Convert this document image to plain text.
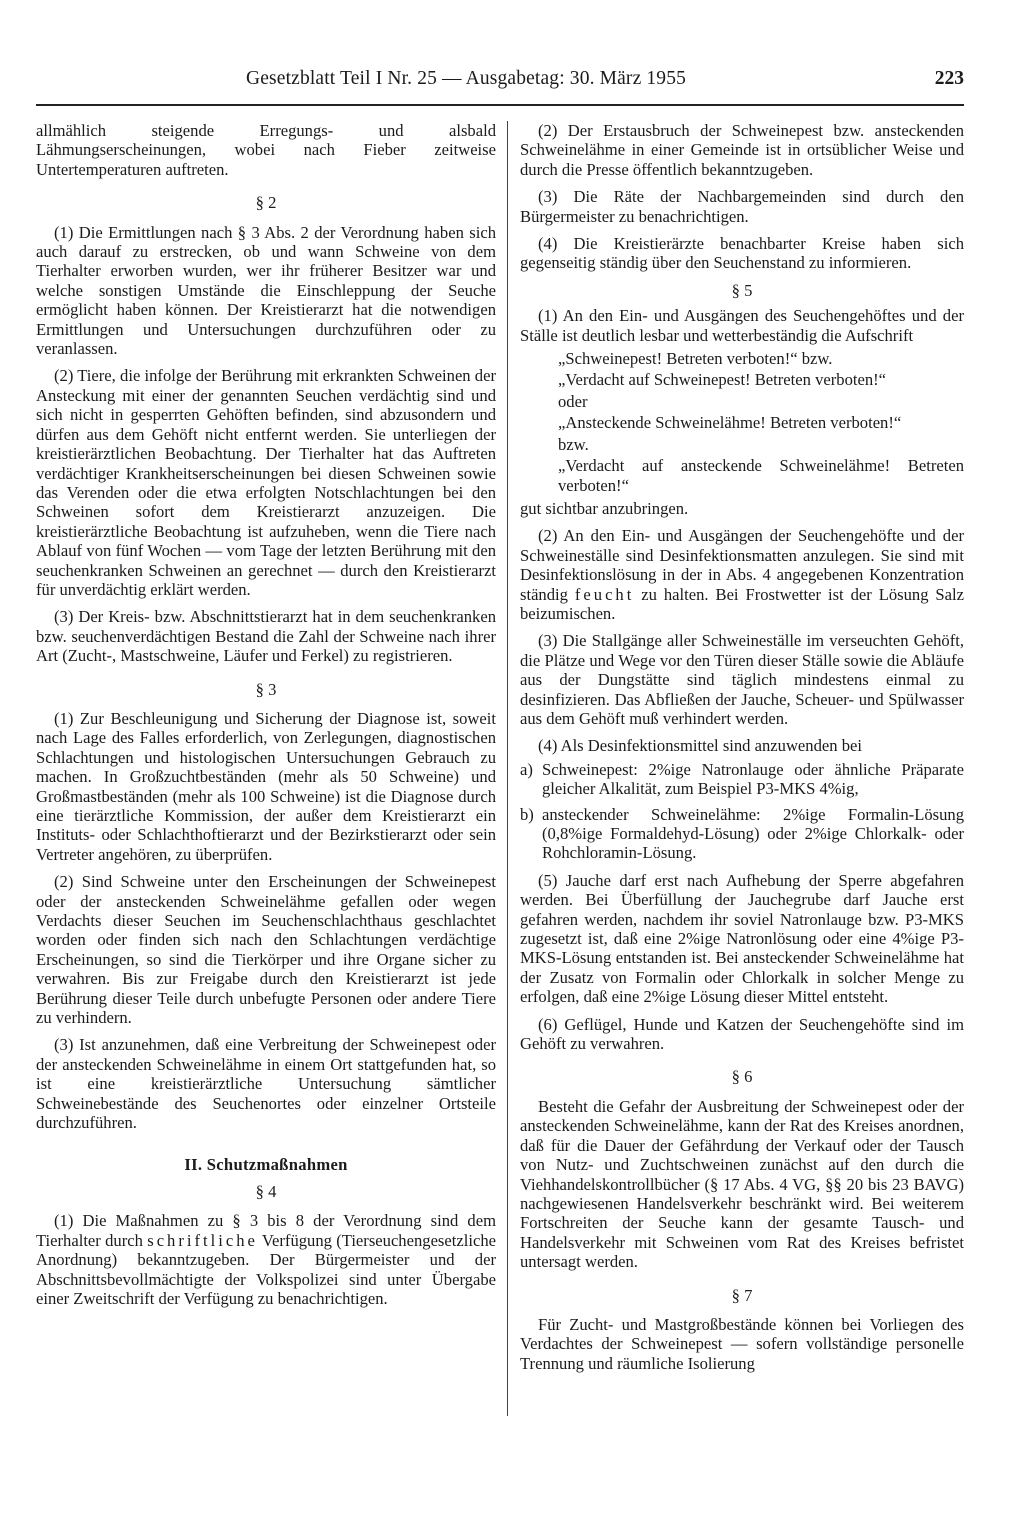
Gesetzblatt Teil I Nr. 25 — Ausgabetag: 30. März 1955	223

allmählich steigende Erregungs- und alsbald Lähmungserscheinungen, wobei nach Fieber zeitweise Untertemperaturen auftreten.

§ 2

(1) Die Ermittlungen nach § 3 Abs. 2 der Verordnung haben sich auch darauf zu erstrecken, ob und wann Schweine von dem Tierhalter erworben wurden, wer ihr früherer Besitzer war und welche sonstigen Umstände die Einschleppung der Seuche ermöglicht haben können. Der Kreistierarzt hat die notwendigen Ermittlungen und Untersuchungen durchzuführen oder zu veranlassen.

(2) Tiere, die infolge der Berührung mit erkrankten Schweinen der Ansteckung mit einer der genannten Seuchen verdächtig sind und sich nicht in gesperrten Gehöften befinden, sind abzusondern und dürfen aus dem Gehöft nicht entfernt werden. Sie unterliegen der kreistierärztlichen Beobachtung. Der Tierhalter hat das Auftreten verdächtiger Krankheitserscheinungen bei diesen Schweinen sowie das Verenden oder die etwa erfolgten Notschlachtungen bei den Schweinen sofort dem Kreistierarzt anzuzeigen. Die kreistierärztliche Beobachtung ist aufzuheben, wenn die Tiere nach Ablauf von fünf Wochen — vom Tage der letzten Berührung mit den seuchenkranken Schweinen an gerechnet — durch den Kreistierarzt für unverdächtig erklärt werden.

(3) Der Kreis- bzw. Abschnittstierarzt hat in dem seuchenkranken bzw. seuchenverdächtigen Bestand die Zahl der Schweine nach ihrer Art (Zucht-, Mastschweine, Läufer und Ferkel) zu registrieren.

§ 3

(1) Zur Beschleunigung und Sicherung der Diagnose ist, soweit nach Lage des Falles erforderlich, von Zerlegungen, diagnostischen Schlachtungen und histologischen Untersuchungen Gebrauch zu machen. In Großzuchtbeständen (mehr als 50 Schweine) und Großmastbeständen (mehr als 100 Schweine) ist die Diagnose durch eine tierärztliche Kommission, der außer dem Kreistierarzt ein Instituts- oder Schlachthoftierarzt und der Bezirkstierarzt oder sein Vertreter angehören, zu überprüfen.

(2) Sind Schweine unter den Erscheinungen der Schweinepest oder der ansteckenden Schweinelähme gefallen oder wegen Verdachts dieser Seuchen im Seuchenschlachthaus geschlachtet worden oder finden sich nach den Schlachtungen verdächtige Erscheinungen, so sind die Tierkörper und ihre Organe sicher zu verwahren. Bis zur Freigabe durch den Kreistierarzt ist jede Berührung dieser Teile durch unbefugte Personen oder andere Tiere zu verhindern.

(3) Ist anzunehmen, daß eine Verbreitung der Schweinepest oder der ansteckenden Schweinelähme in einem Ort stattgefunden hat, so ist eine kreistierärztliche Untersuchung sämtlicher Schweinebestände des Seuchenortes oder einzelner Ortsteile durchzuführen.

II. Schutzmaßnahmen
§ 4

(1) Die Maßnahmen zu § 3 bis 8 der Verordnung sind dem Tierhalter durch schriftliche Verfügung (Tierseuchengesetzliche Anordnung) bekanntzugeben. Der Bürgermeister und der Abschnittsbevollmächtigte der Volkspolizei sind unter Übergabe einer Zweitschrift der Verfügung zu benachrichtigen.

(2) Der Erstausbruch der Schweinepest bzw. ansteckenden Schweinelähme in einer Gemeinde ist in ortsüblicher Weise und durch die Presse öffentlich bekanntzugeben.

(3) Die Räte der Nachbargemeinden sind durch den Bürgermeister zu benachrichtigen.

(4) Die Kreistierärzte benachbarter Kreise haben sich gegenseitig ständig über den Seuchenstand zu informieren.

§ 5

(1) An den Ein- und Ausgängen des Seuchengehöftes und der Ställe ist deutlich lesbar und wetterbeständig die Aufschrift

„Schweinepest! Betreten verboten!“ bzw.
„Verdacht auf Schweinepest! Betreten verboten!“
oder
„Ansteckende Schweinelähme! Betreten verboten!“
bzw.
„Verdacht auf ansteckende Schweinelähme! Betreten verboten!“

gut sichtbar anzubringen.

(2) An den Ein- und Ausgängen der Seuchengehöfte und der Schweineställe sind Desinfektionsmatten anzulegen. Sie sind mit Desinfektionslösung in der in Abs. 4 angegebenen Konzentration ständig feucht zu halten. Bei Frostwetter ist der Lösung Salz beizumischen.

(3) Die Stallgänge aller Schweineställe im verseuchten Gehöft, die Plätze und Wege vor den Türen dieser Ställe sowie die Abläufe aus der Dungstätte sind täglich mindestens einmal zu desinfizieren. Das Abfließen der Jauche, Scheuer- und Spülwasser aus dem Gehöft muß verhindert werden.

(4) Als Desinfektionsmittel sind anzuwenden bei

a) Schweinepest: 2%ige Natronlauge oder ähnliche Präparate gleicher Alkalität, zum Beispiel P3-MKS 4%ig,
b) ansteckender Schweinelähme: 2%ige Formalin-Lösung (0,8%ige Formaldehyd-Lösung) oder 2%ige Chlorkalk- oder Rohchloramin-Lösung.

(5) Jauche darf erst nach Aufhebung der Sperre abgefahren werden. Bei Überfüllung der Jauchegrube darf Jauche erst gefahren werden, nachdem ihr soviel Natronlauge bzw. P3-MKS zugesetzt ist, daß eine 2%ige Natronlösung oder eine 4%ige P3-MKS-Lösung entstanden ist. Bei ansteckender Schweinelähme hat der Zusatz von Formalin oder Chlorkalk in solcher Menge zu erfolgen, daß eine 2%ige Lösung dieser Mittel entsteht.

(6) Geflügel, Hunde und Katzen der Seuchengehöfte sind im Gehöft zu verwahren.

§ 6

Besteht die Gefahr der Ausbreitung der Schweinepest oder der ansteckenden Schweinelähme, kann der Rat des Kreises anordnen, daß für die Dauer der Gefährdung der Verkauf oder der Tausch von Nutz- und Zuchtschweinen zunächst auf den durch die Viehhandelskontrollbücher (§ 17 Abs. 4 VG, §§ 20 bis 23 BAVG) nachgewiesenen Handelsverkehr beschränkt wird. Bei weiterem Fortschreiten der Seuche kann der gesamte Tausch- und Handelsverkehr mit Schweinen vom Rat des Kreises befristet untersagt werden.

§ 7

Für Zucht- und Mastgroßbestände können bei Vorliegen des Verdachtes der Schweinepest — sofern vollständige personelle Trennung und räumliche Isolierung
